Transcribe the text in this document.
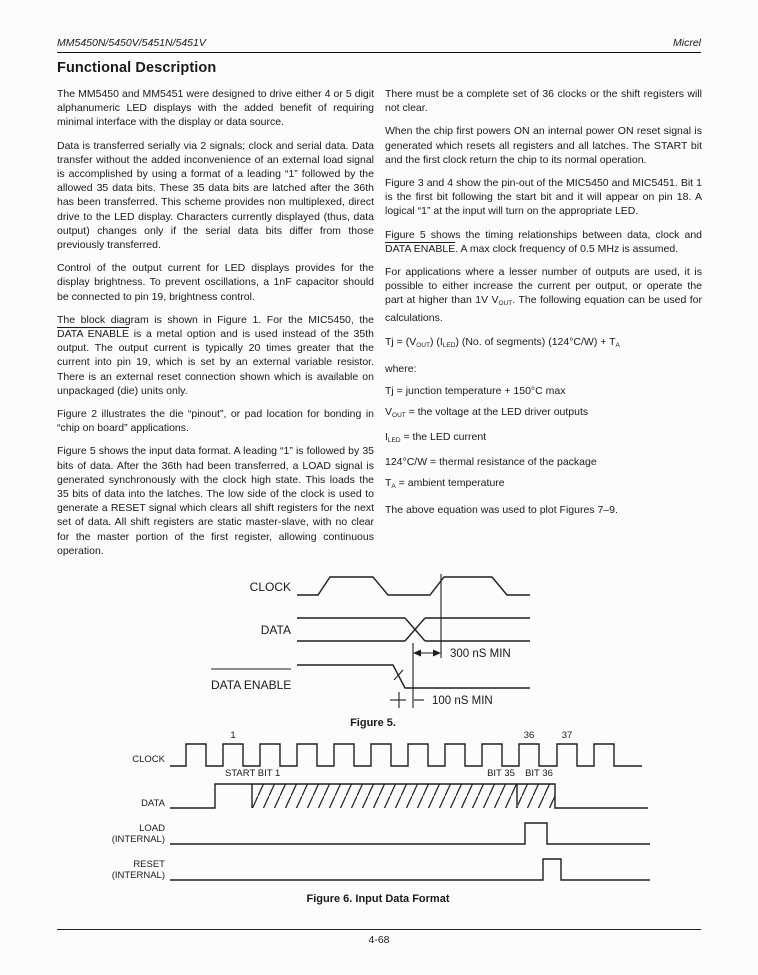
MM5450N/5450V/5451N/5451V	Micrel
Functional Description

The MM5450 and MM5451 were designed to drive either 4 or 5 digit alphanumeric LED displays with the added benefit of requiring minimal interface with the display or data source.

Data is transferred serially via 2 signals; clock and serial data. Data transfer without the added inconvenience of an external load signal is accomplished by using a format of a leading “1” followed by the allowed 35 data bits. These 35 data bits are latched after the 36th has been transferred. This scheme provides non multiplexed, direct drive to the LED display. Characters currently displayed (thus, data output) changes only if the serial data bits differ from those previously transferred.

Control of the output current for LED displays provides for the display brightness. To prevent oscillations, a 1nF capacitor should be connected to pin 19, brightness control.

The block diagram is shown in Figure 1. For the MIC5450, the DATA ENABLE is a metal option and is used instead of the 35th output. The output current is typically 20 times greater that the current into pin 19, which is set by an external variable resistor. There is an external reset connection shown which is available on unpackaged (die) units only.

Figure 2 illustrates the die “pinout”, or pad location for bonding in “chip on board” applications.

Figure 5 shows the input data format. A leading “1” is followed by 35 bits of data. After the 36th had been transferred, a LOAD signal is generated synchronously with the clock high state. This loads the 35 bits of data into the latches. The low side of the clock is used to generate a RESET signal which clears all shift registers for the next set of data. All shift registers are static master-slave, with no clear for the master portion of the first register, allowing continuous operation.

There must be a complete set of 36 clocks or the shift registers will not clear.

When the chip first powers ON an internal power ON reset signal is generated which resets all registers and all latches. The START bit and the first clock return the chip to its normal operation.

Figure 3 and 4 show the pin-out of the MIC5450 and MIC5451. Bit 1 is the first bit following the start bit and it will appear on pin 18. A logical “1” at the input will turn on the appropriate LED.

Figure 5 shows the timing relationships between data, clock and DATA ENABLE. A max clock frequency of 0.5 MHz is assumed.

For applications where a lesser number of outputs are used, it is possible to either increase the current per output, or operate the part at higher than 1V VOUT. The following equation can be used for calculations.

Tj = (VOUT) (ILED) (No. of segments) (124°C/W) + TA

where:

Tj = junction temperature + 150°C max

VOUT = the voltage at the LED driver outputs

ILED = the LED current

124°C/W = thermal resistance of the package

TA = ambient temperature

The above equation was used to plot Figures 7–9.

CLOCK
DATA
DATA ENABLE
300 nS MIN
100 nS MIN
Figure 5.
1	36	37
CLOCK
START BIT 1	BIT 35 BIT 36
DATA
LOAD
(INTERNAL)
RESET
(INTERNAL)
Figure 6. Input Data Format
4-68
